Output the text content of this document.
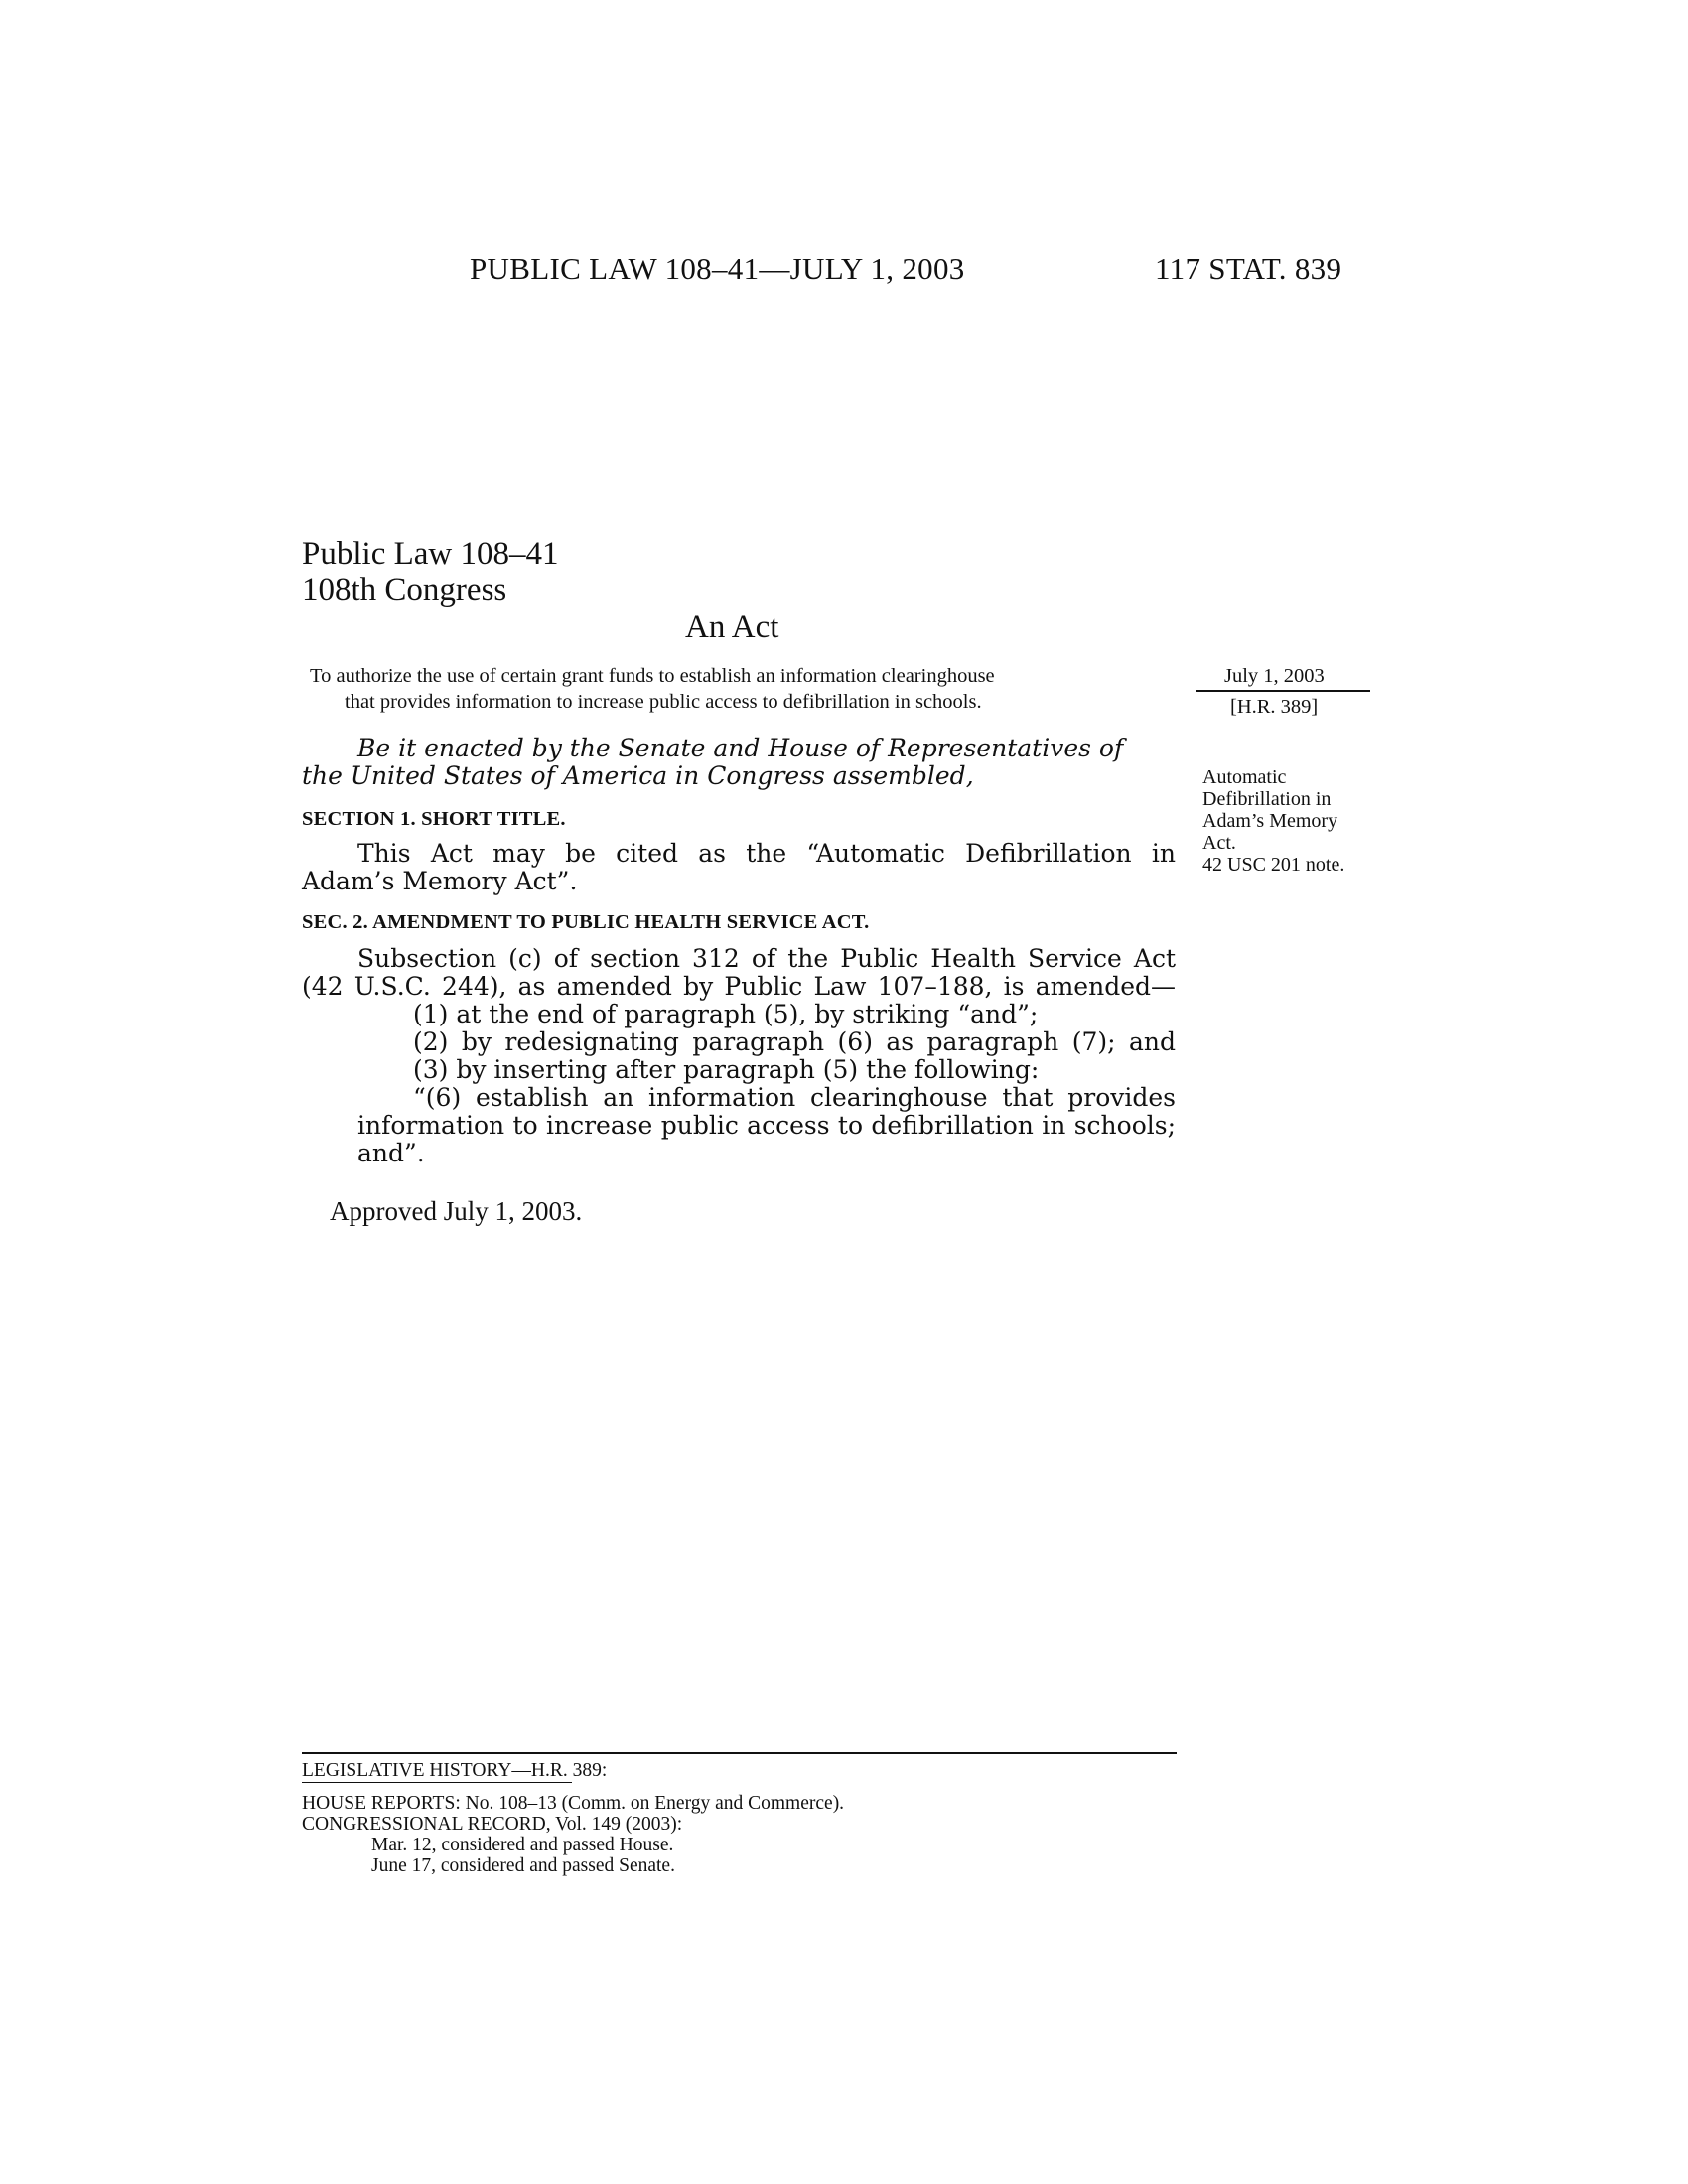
PUBLIC LAW 108–41—JULY 1, 2003	117 STAT. 839
Public Law 108–41
108th Congress
An Act
To authorize the use of certain grant funds to establish an information clearinghouse
that provides information to increase public access to defibrillation in schools.
July 1, 2003
[H.R. 389]
Be it enacted by the Senate and House of Representatives of
the United States of America in Congress assembled,	Automatic
Defibrillation in
Adam’s Memory
Act.
42 USC 201 note.
SECTION 1. SHORT TITLE.
This Act may be cited as the “Automatic Defibrillation in
Adam’s Memory Act”.
SEC. 2. AMENDMENT TO PUBLIC HEALTH SERVICE ACT.
Subsection (c) of section 312 of the Public Health Service Act
(42 U.S.C. 244), as amended by Public Law 107–188, is amended—
(1) at the end of paragraph (5), by striking “and”;
(2) by redesignating paragraph (6) as paragraph (7); and
(3) by inserting after paragraph (5) the following:
“(6) establish an information clearinghouse that provides
information to increase public access to defibrillation in schools;
and”.
Approved July 1, 2003.
LEGISLATIVE HISTORY—H.R. 389:
HOUSE REPORTS: No. 108–13 (Comm. on Energy and Commerce).
CONGRESSIONAL RECORD, Vol. 149 (2003):
Mar. 12, considered and passed House.
June 17, considered and passed Senate.
